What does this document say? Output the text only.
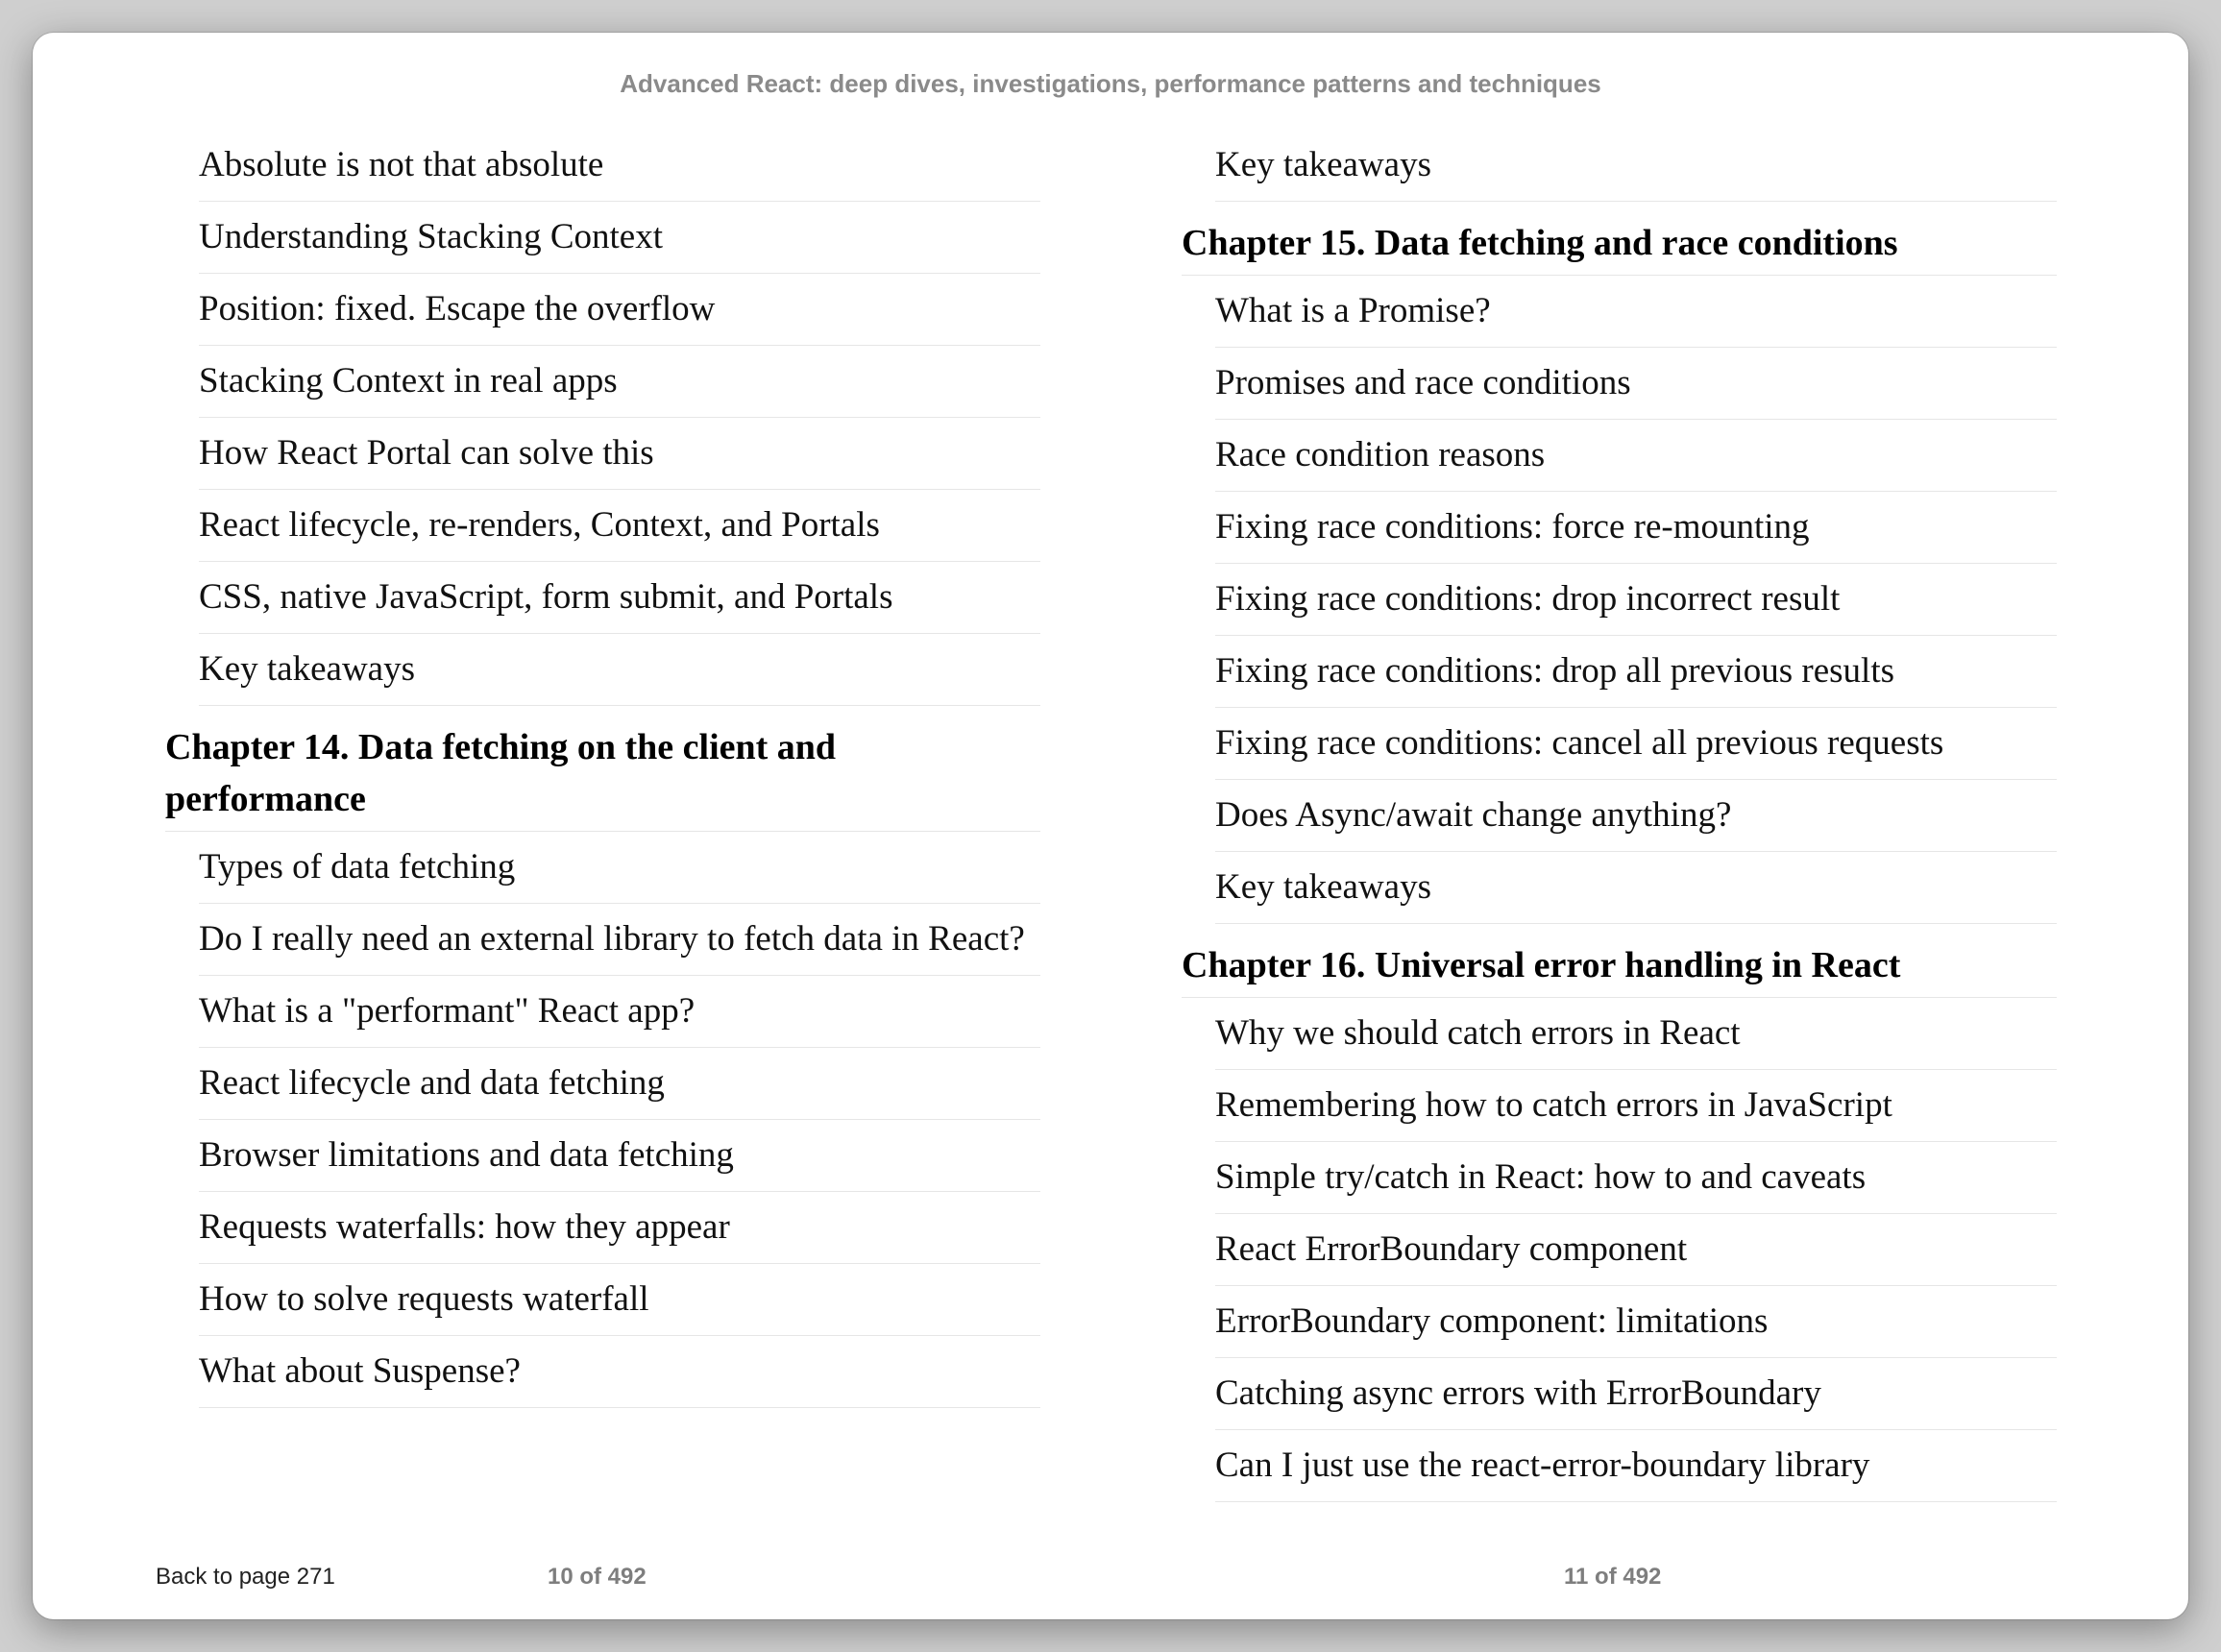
Advanced React: deep dives, investigations, performance patterns and techniques
Absolute is not that absolute
Understanding Stacking Context
Position: fixed. Escape the overflow
Stacking Context in real apps
How React Portal can solve this
React lifecycle, re-renders, Context, and Portals
CSS, native JavaScript, form submit, and Portals
Key takeaways
Chapter 14. Data fetching on the client and performance
Types of data fetching
Do I really need an external library to fetch data in React?
What is a "performant" React app?
React lifecycle and data fetching
Browser limitations and data fetching
Requests waterfalls: how they appear
How to solve requests waterfall
What about Suspense?
Key takeaways
Chapter 15. Data fetching and race conditions
What is a Promise?
Promises and race conditions
Race condition reasons
Fixing race conditions: force re-mounting
Fixing race conditions: drop incorrect result
Fixing race conditions: drop all previous results
Fixing race conditions: cancel all previous requests
Does Async/await change anything?
Key takeaways
Chapter 16. Universal error handling in React
Why we should catch errors in React
Remembering how to catch errors in JavaScript
Simple try/catch in React: how to and caveats
React ErrorBoundary component
ErrorBoundary component: limitations
Catching async errors with ErrorBoundary
Can I just use the react-error-boundary library
Back to page 271	10 of 492	11 of 492
